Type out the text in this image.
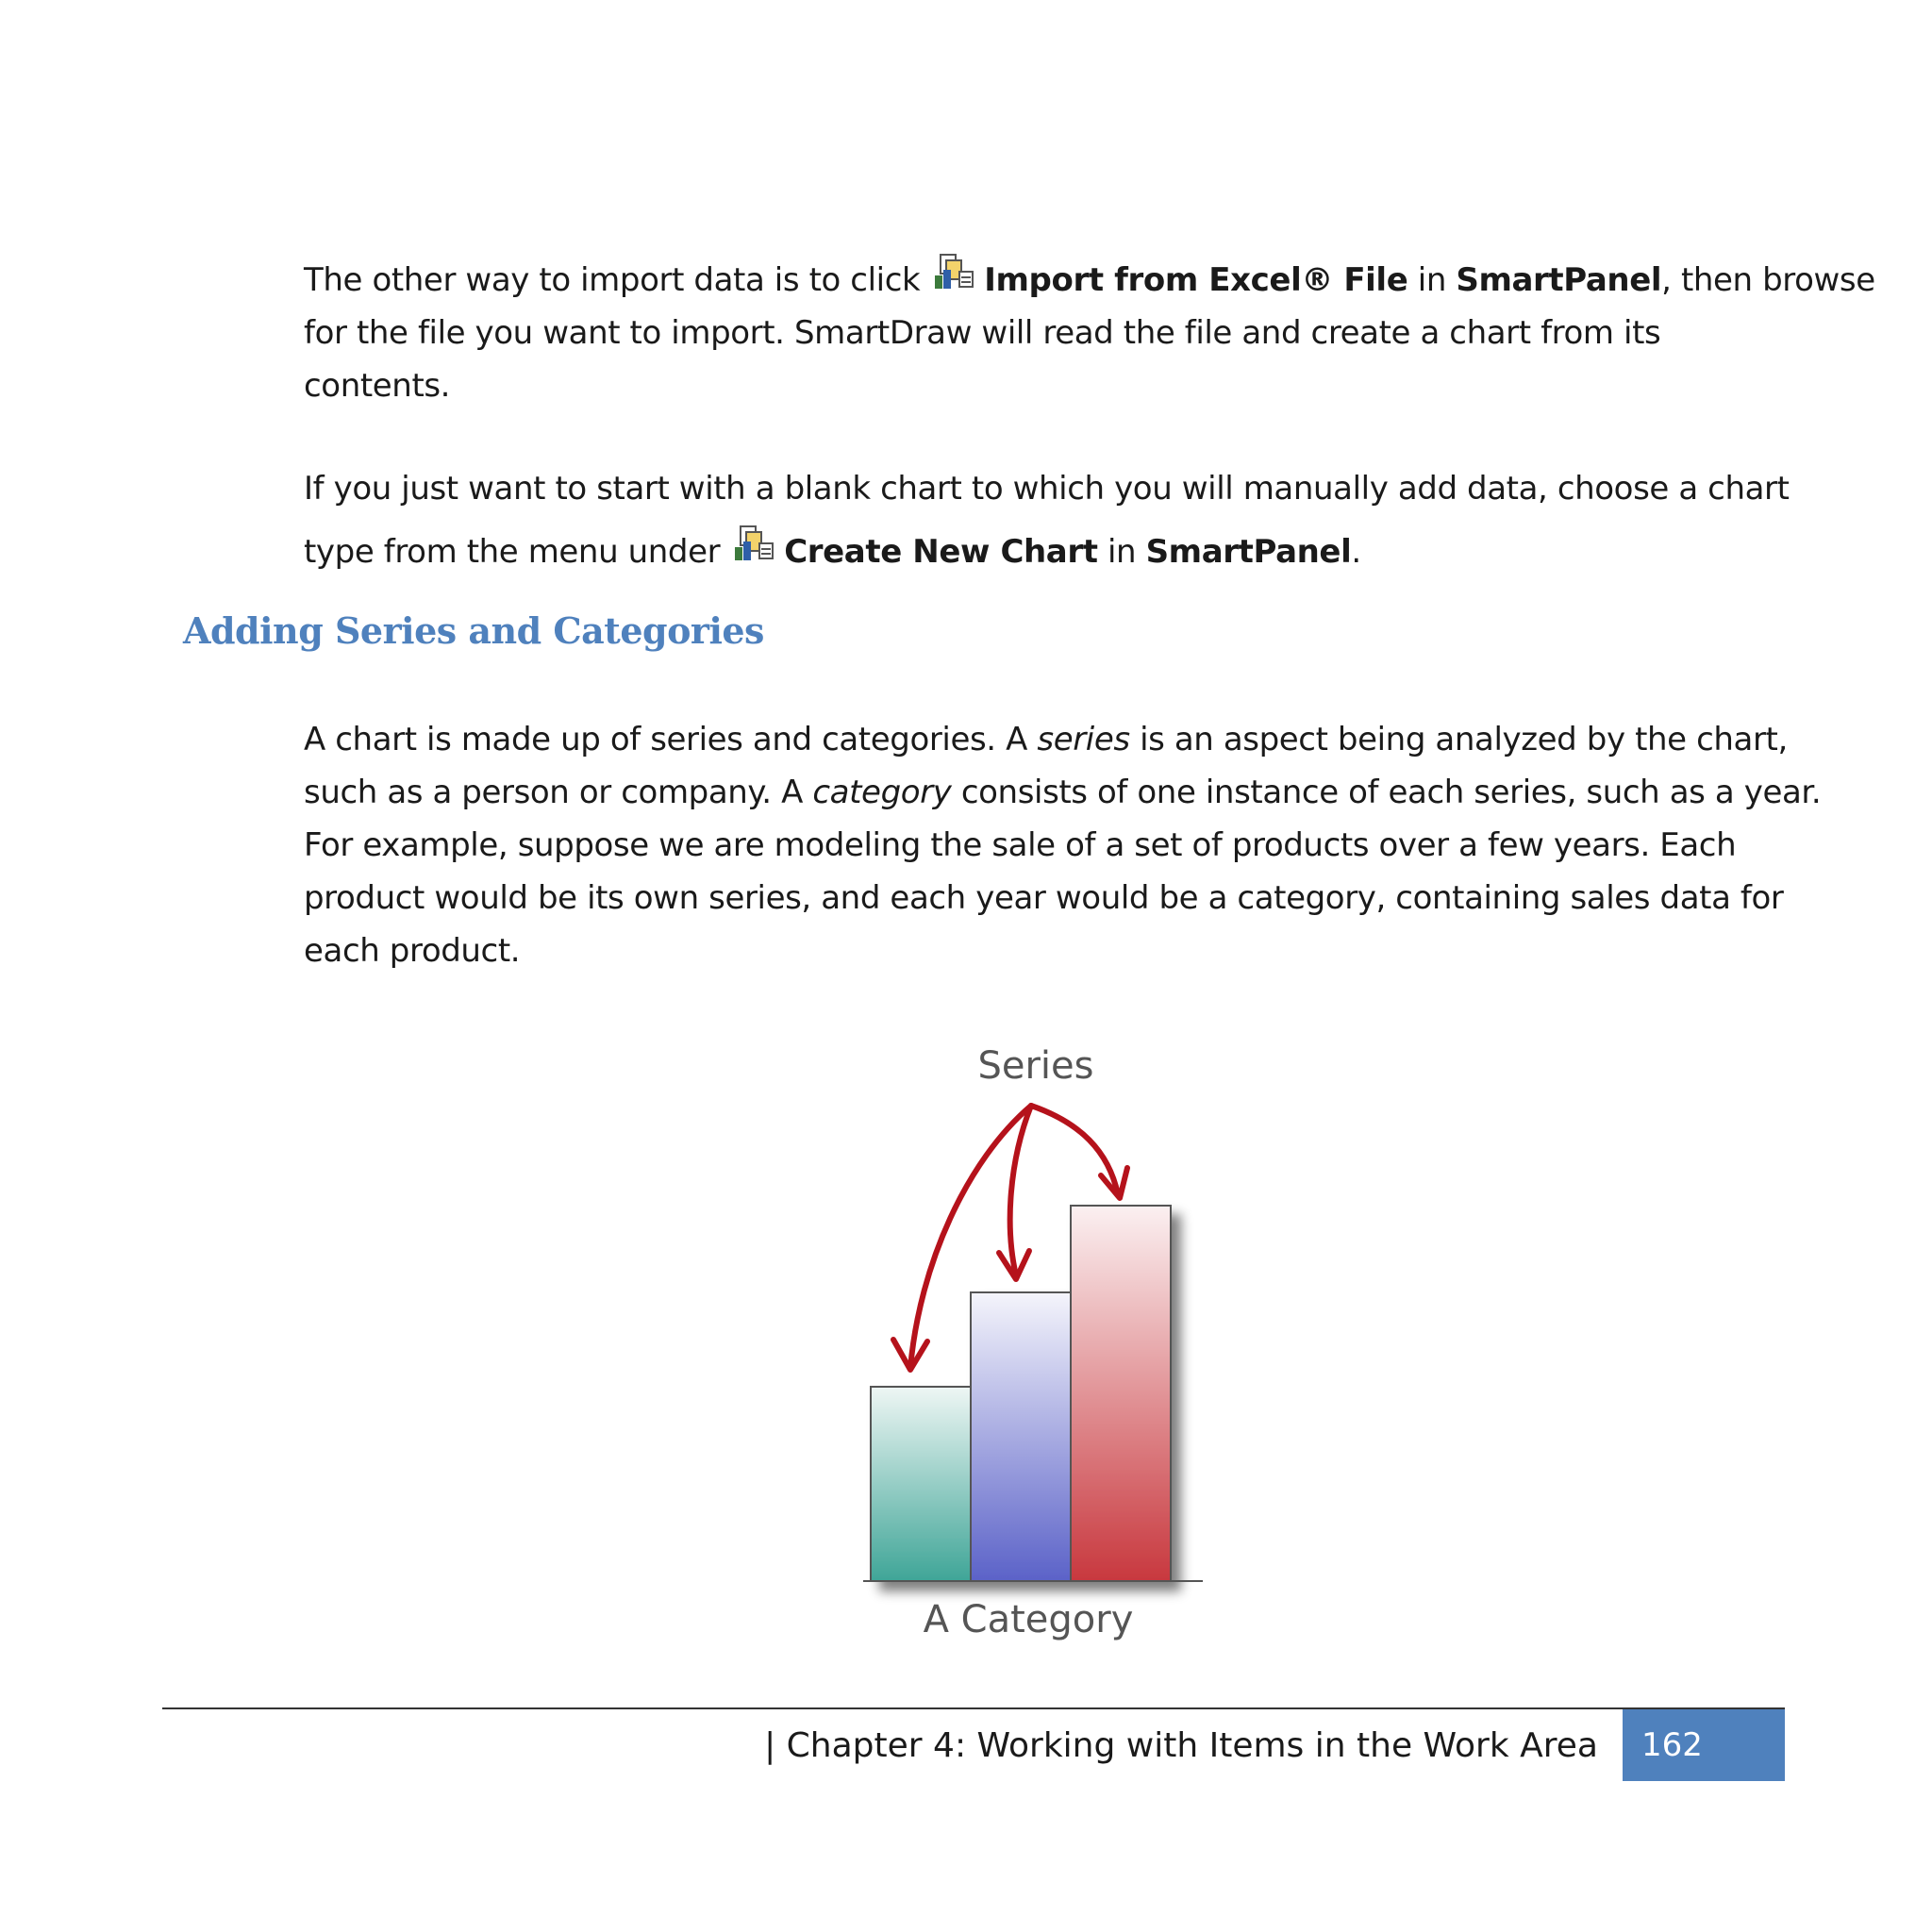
The other way to import data is to click Import from Excel® File in SmartPanel, then browse
for the file you want to import. SmartDraw will read the file and create a chart from its
contents.

If you just want to start with a blank chart to which you will manually add data, choose a chart
type from the menu under Create New Chart in SmartPanel.

Adding Series and Categories

A chart is made up of series and categories. A series is an aspect being analyzed by the chart,
such as a person or company. A category consists of one instance of each series, such as a year.
For example, suppose we are modeling the sale of a set of products over a few years. Each
product would be its own series, and each year would be a category, containing sales data for
each product.

Series
A Category
| Chapter 4: Working with Items in the Work Area	162
